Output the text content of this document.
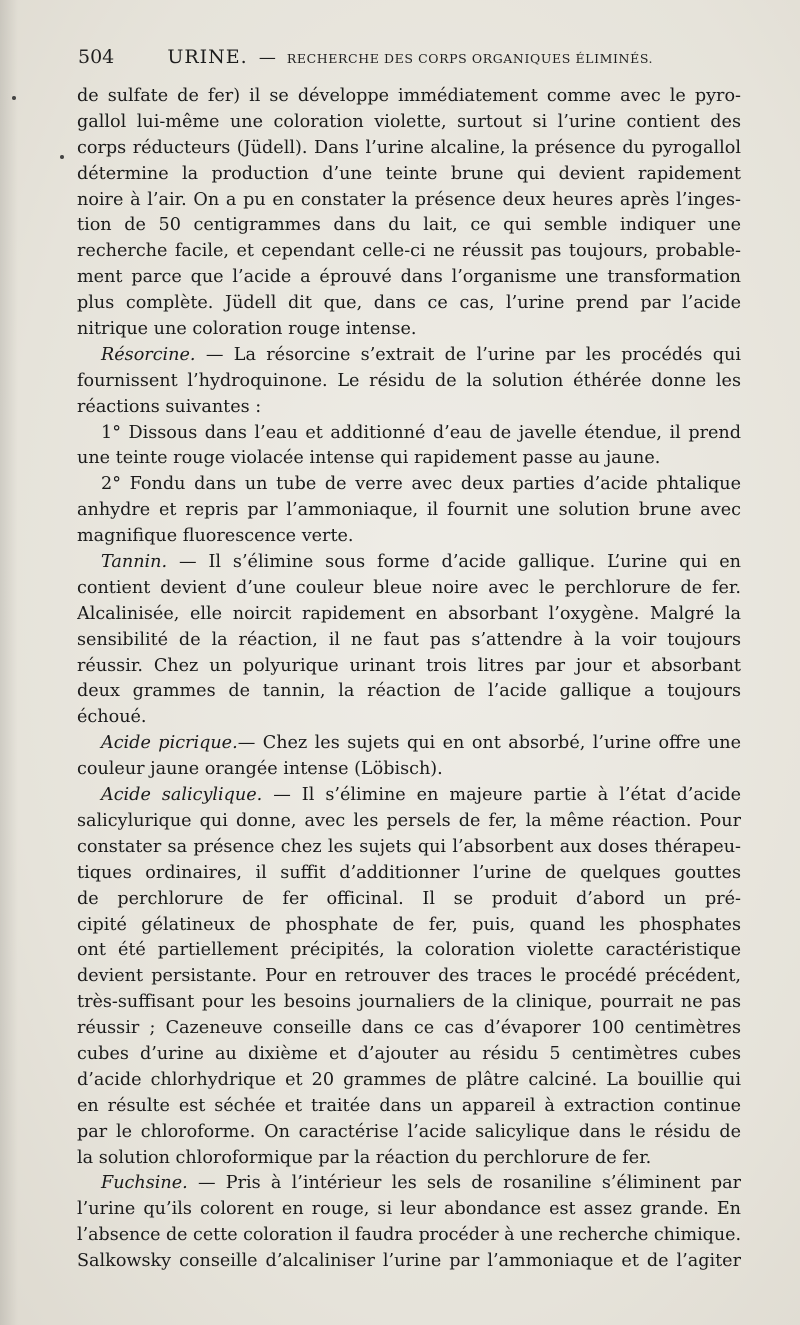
504	URINE. — RECHERCHE DES CORPS ORGANIQUES ÉLIMINÉS.
de sulfate de fer) il se développe immédiatement comme avec le pyro-
gallol lui-même une coloration violette, surtout si l’urine contient des
corps réducteurs (Jüdell). Dans l’urine alcaline, la présence du pyrogallol
détermine la production d’une teinte brune qui devient rapidement
noire à l’air. On a pu en constater la présence deux heures après l’inges-
tion de 50 centigrammes dans du lait, ce qui semble indiquer une
recherche facile, et cependant celle-ci ne réussit pas toujours, probable-
ment parce que l’acide a éprouvé dans l’organisme une transformation
plus complète. Jüdell dit que, dans ce cas, l’urine prend par l’acide
nitrique une coloration rouge intense.
Résorcine. — La résorcine s’extrait de l’urine par les procédés qui
fournissent l’hydroquinone. Le résidu de la solution éthérée donne les
réactions suivantes :
1° Dissous dans l’eau et additionné d’eau de javelle étendue, il prend
une teinte rouge violacée intense qui rapidement passe au jaune.
2° Fondu dans un tube de verre avec deux parties d’acide phtalique
anhydre et repris par l’ammoniaque, il fournit une solution brune avec
magnifique fluorescence verte.
Tannin. — Il s’élimine sous forme d’acide gallique. L’urine qui en
contient devient d’une couleur bleue noire avec le perchlorure de fer.
Alcalinisée, elle noircit rapidement en absorbant l’oxygène. Malgré la
sensibilité de la réaction, il ne faut pas s’attendre à la voir toujours
réussir. Chez un polyurique urinant trois litres par jour et absorbant
deux grammes de tannin, la réaction de l’acide gallique a toujours
échoué.
Acide picrique.— Chez les sujets qui en ont absorbé, l’urine offre une
couleur jaune orangée intense (Löbisch).
Acide salicylique. — Il s’élimine en majeure partie à l’état d’acide
salicylurique qui donne, avec les persels de fer, la même réaction. Pour
constater sa présence chez les sujets qui l’absorbent aux doses thérapeu-
tiques ordinaires, il suffit d’additionner l’urine de quelques gouttes
de perchlorure de fer officinal. Il se produit d’abord un pré-
cipité gélatineux de phosphate de fer, puis, quand les phosphates
ont été partiellement précipités, la coloration violette caractéristique
devient persistante. Pour en retrouver des traces le procédé précédent,
très-suffisant pour les besoins journaliers de la clinique, pourrait ne pas
réussir ; Cazeneuve conseille dans ce cas d’évaporer 100 centimètres
cubes d’urine au dixième et d’ajouter au résidu 5 centimètres cubes
d’acide chlorhydrique et 20 grammes de plâtre calciné. La bouillie qui
en résulte est séchée et traitée dans un appareil à extraction continue
par le chloroforme. On caractérise l’acide salicylique dans le résidu de
la solution chloroformique par la réaction du perchlorure de fer.
Fuchsine. — Pris à l’intérieur les sels de rosaniline s’éliminent par
l’urine qu’ils colorent en rouge, si leur abondance est assez grande. En
l’absence de cette coloration il faudra procéder à une recherche chimique.
Salkowsky conseille d’alcaliniser l’urine par l’ammoniaque et de l’agiter
